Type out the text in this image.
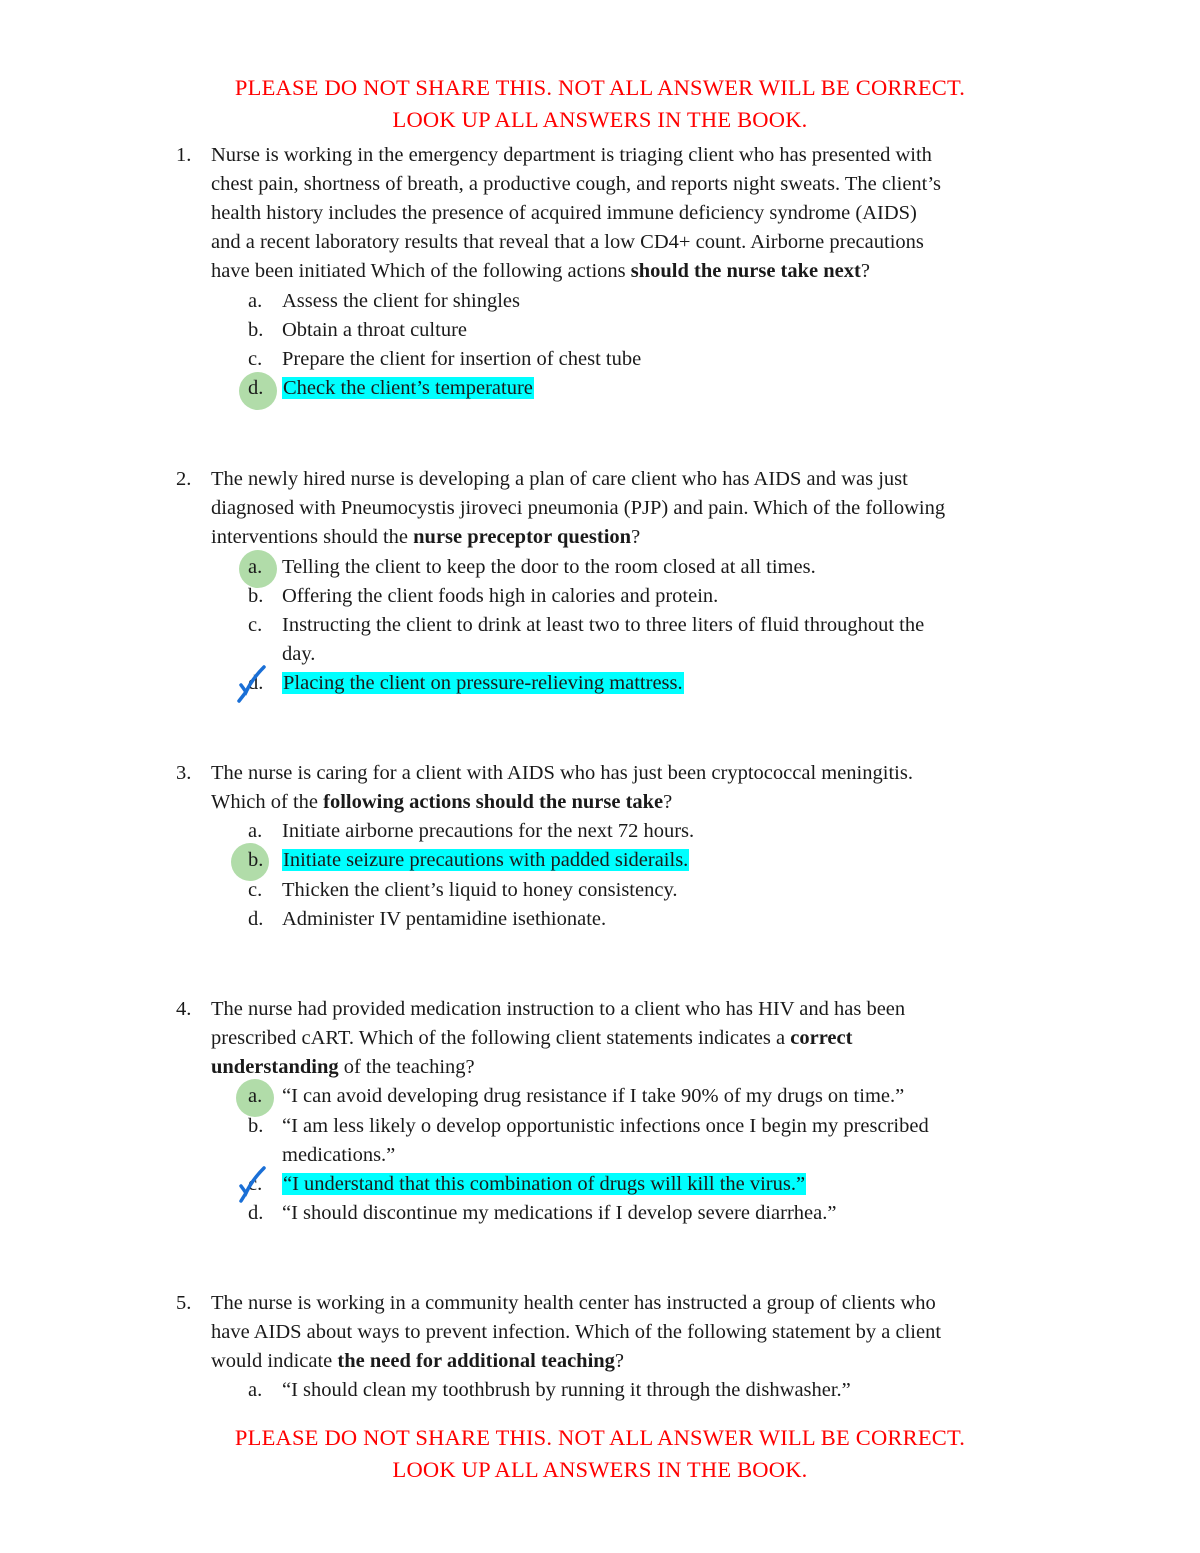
PLEASE DO NOT SHARE THIS. NOT ALL ANSWER WILL BE CORRECT.
LOOK UP ALL ANSWERS IN THE BOOK.
1. Nurse is working in the emergency department is triaging client who has presented with
chest pain, shortness of breath, a productive cough, and reports night sweats. The client’s
health history includes the presence of acquired immune deficiency syndrome (AIDS)
and a recent laboratory results that reveal that a low CD4+ count. Airborne precautions
have been initiated Which of the following actions should the nurse take next?
a. Assess the client for shingles
b. Obtain a throat culture
c. Prepare the client for insertion of chest tube
d. Check the client’s temperature
2. The newly hired nurse is developing a plan of care client who has AIDS and was just
diagnosed with Pneumocystis jiroveci pneumonia (PJP) and pain. Which of the following
interventions should the nurse preceptor question?
a. Telling the client to keep the door to the room closed at all times.
b. Offering the client foods high in calories and protein.
c. Instructing the client to drink at least two to three liters of fluid throughout the
day.
d. Placing the client on pressure-relieving mattress.
3. The nurse is caring for a client with AIDS who has just been cryptococcal meningitis.
Which of the following actions should the nurse take?
a. Initiate airborne precautions for the next 72 hours.
b. Initiate seizure precautions with padded siderails.
c. Thicken the client’s liquid to honey consistency.
d. Administer IV pentamidine isethionate.
4. The nurse had provided medication instruction to a client who has HIV and has been
prescribed cART. Which of the following client statements indicates a correct
understanding of the teaching?
a. “I can avoid developing drug resistance if I take 90% of my drugs on time.”
b. “I am less likely o develop opportunistic infections once I begin my prescribed
medications.”
c. “I understand that this combination of drugs will kill the virus.”
d. “I should discontinue my medications if I develop severe diarrhea.”
5. The nurse is working in a community health center has instructed a group of clients who
have AIDS about ways to prevent infection. Which of the following statement by a client
would indicate the need for additional teaching?
a. “I should clean my toothbrush by running it through the dishwasher.”
PLEASE DO NOT SHARE THIS. NOT ALL ANSWER WILL BE CORRECT.
LOOK UP ALL ANSWERS IN THE BOOK.
